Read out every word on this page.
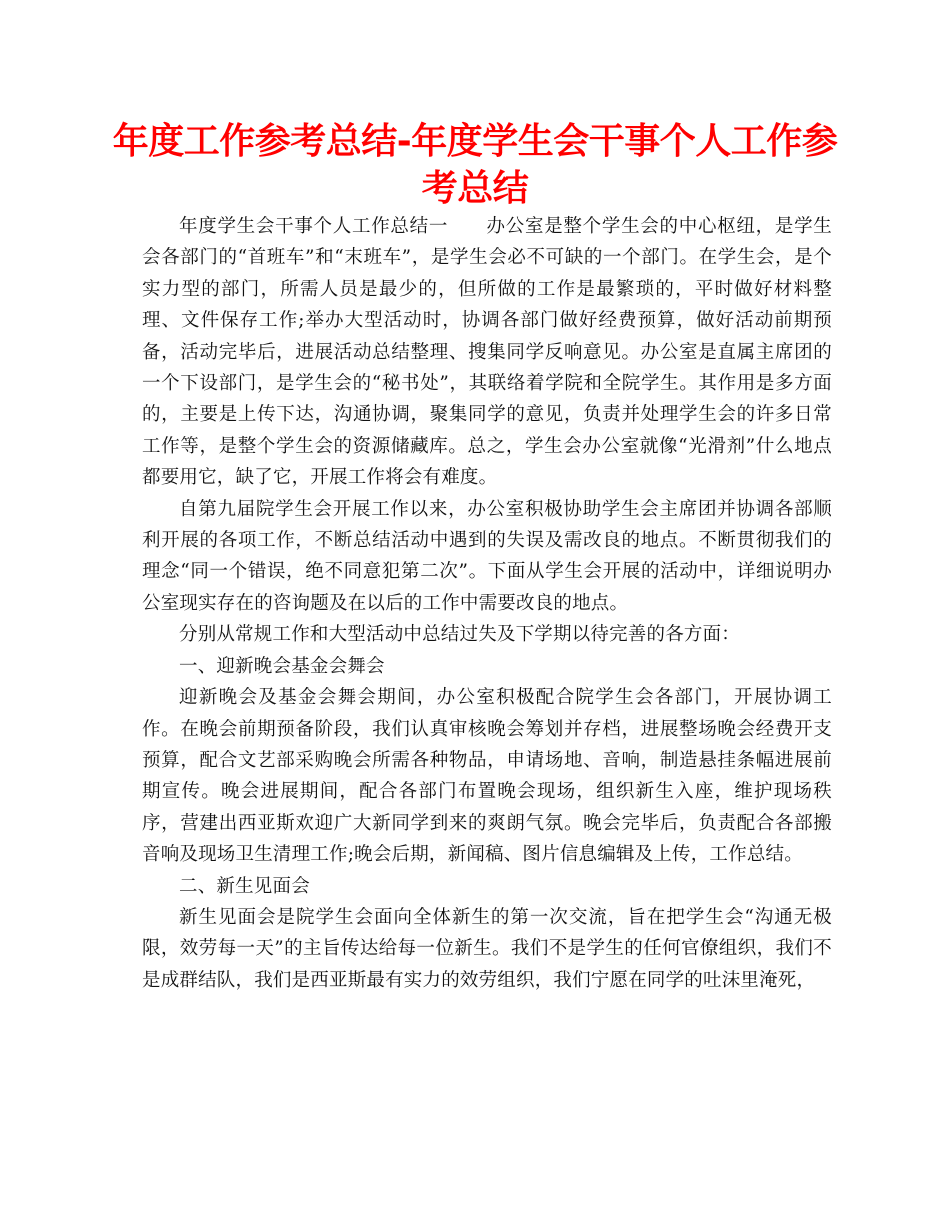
年度工作参考总结-年度学生会干事个人工作参考总结

年度学生会干事个人工作总结一　　办公室是整个学生会的中心枢纽，是学生会各部门的“首班车”和“末班车”，是学生会必不可缺的一个部门。在学生会，是个实力型的部门，所需人员是最少的，但所做的工作是最繁琐的，平时做好材料整理、文件保存工作;举办大型活动时，协调各部门做好经费预算，做好活动前期预备，活动完毕后，进展活动总结整理、搜集同学反响意见。办公室是直属主席团的一个下设部门，是学生会的“秘书处”，其联络着学院和全院学生。其作用是多方面的，主要是上传下达，沟通协调，聚集同学的意见，负责并处理学生会的许多日常工作等，是整个学生会的资源储藏库。总之，学生会办公室就像“光滑剂”什么地点都要用它，缺了它，开展工作将会有难度。

自第九届院学生会开展工作以来，办公室积极协助学生会主席团并协调各部顺利开展的各项工作，不断总结活动中遇到的失误及需改良的地点。不断贯彻我们的理念“同一个错误，绝不同意犯第二次”。下面从学生会开展的活动中，详细说明办公室现实存在的咨询题及在以后的工作中需要改良的地点。

分别从常规工作和大型活动中总结过失及下学期以待完善的各方面：

一、迎新晚会基金会舞会

迎新晚会及基金会舞会期间，办公室积极配合院学生会各部门，开展协调工作。在晚会前期预备阶段，我们认真审核晚会筹划并存档，进展整场晚会经费开支预算，配合文艺部采购晚会所需各种物品，申请场地、音响，制造悬挂条幅进展前期宣传。晚会进展期间，配合各部门布置晚会现场，组织新生入座，维护现场秩序，营建出西亚斯欢迎广大新同学到来的爽朗气氛。晚会完毕后，负责配合各部搬音响及现场卫生清理工作;晚会后期，新闻稿、图片信息编辑及上传，工作总结。

二、新生见面会

新生见面会是院学生会面向全体新生的第一次交流，旨在把学生会“沟通无极限，效劳每一天”的主旨传达给每一位新生。我们不是学生的任何官僚组织，我们不是成群结队，我们是西亚斯最有实力的效劳组织，我们宁愿在同学的吐沫里淹死，
